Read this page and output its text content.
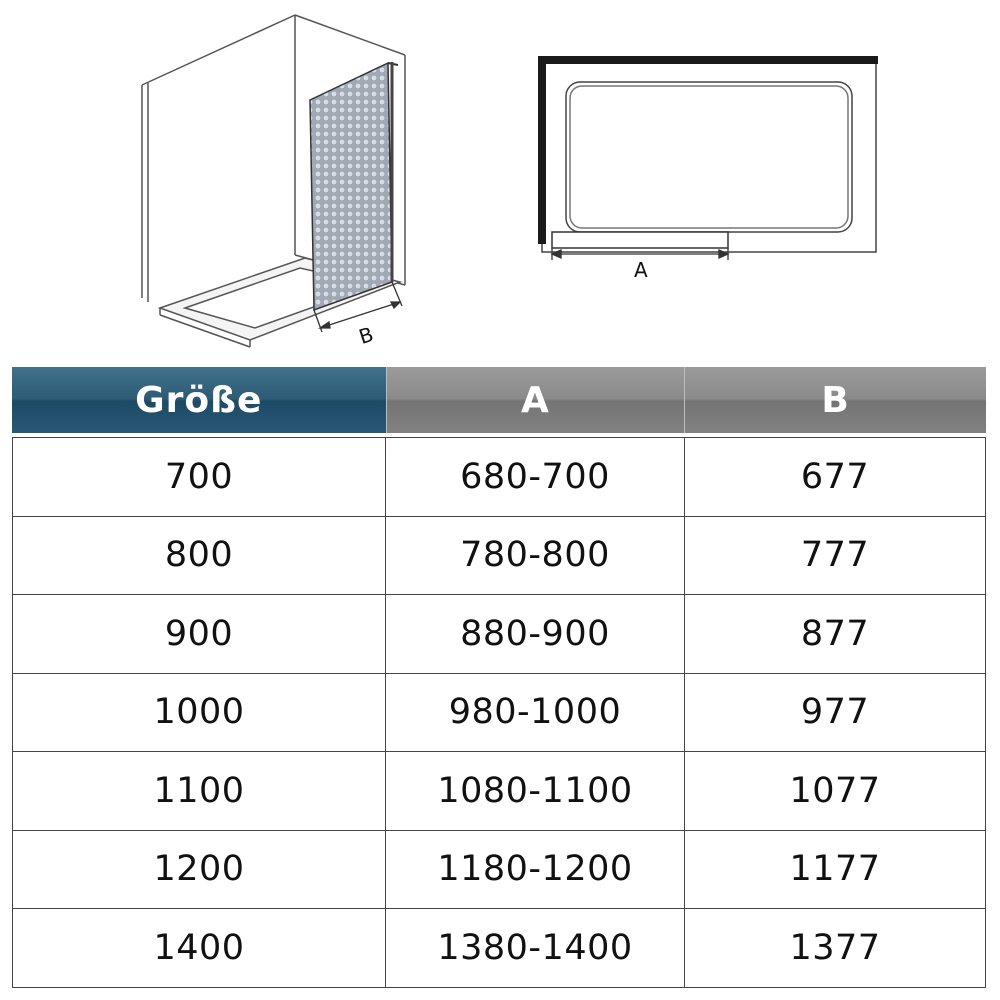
B
A
Größe	A	B
700	680-700	677
800	780-800	777
900	880-900	877
1000	980-1000	977
1100	1080-1100	1077
1200	1180-1200	1177
1400	1380-1400	1377
